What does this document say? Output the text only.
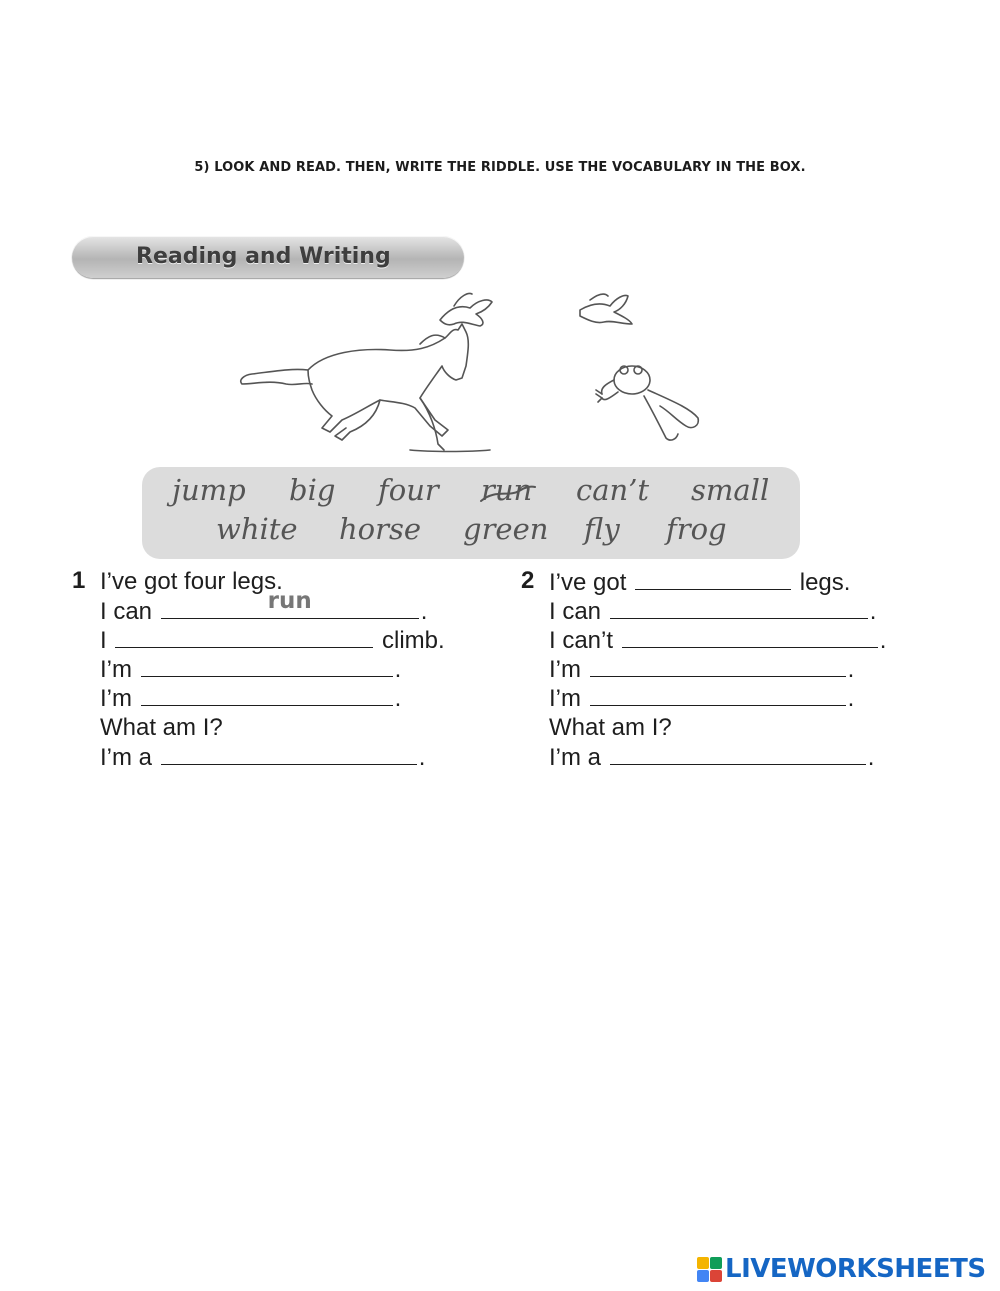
5) LOOK AND READ. THEN, WRITE THE RIDDLE. USE THE VOCABULARY IN THE BOX.
Reading and Writing
jump big four run can’t small
white horse green fly frog
1 I’ve got four legs.
I can	run	.
I	climb.
I’m	.
I’m	.
What am I?
I’m a	.
2 I’ve got	legs.
I can	.
I can’t	.
I’m	.
I’m	.
What am I?
I’m a	.
LIVEWORKSHEETS
